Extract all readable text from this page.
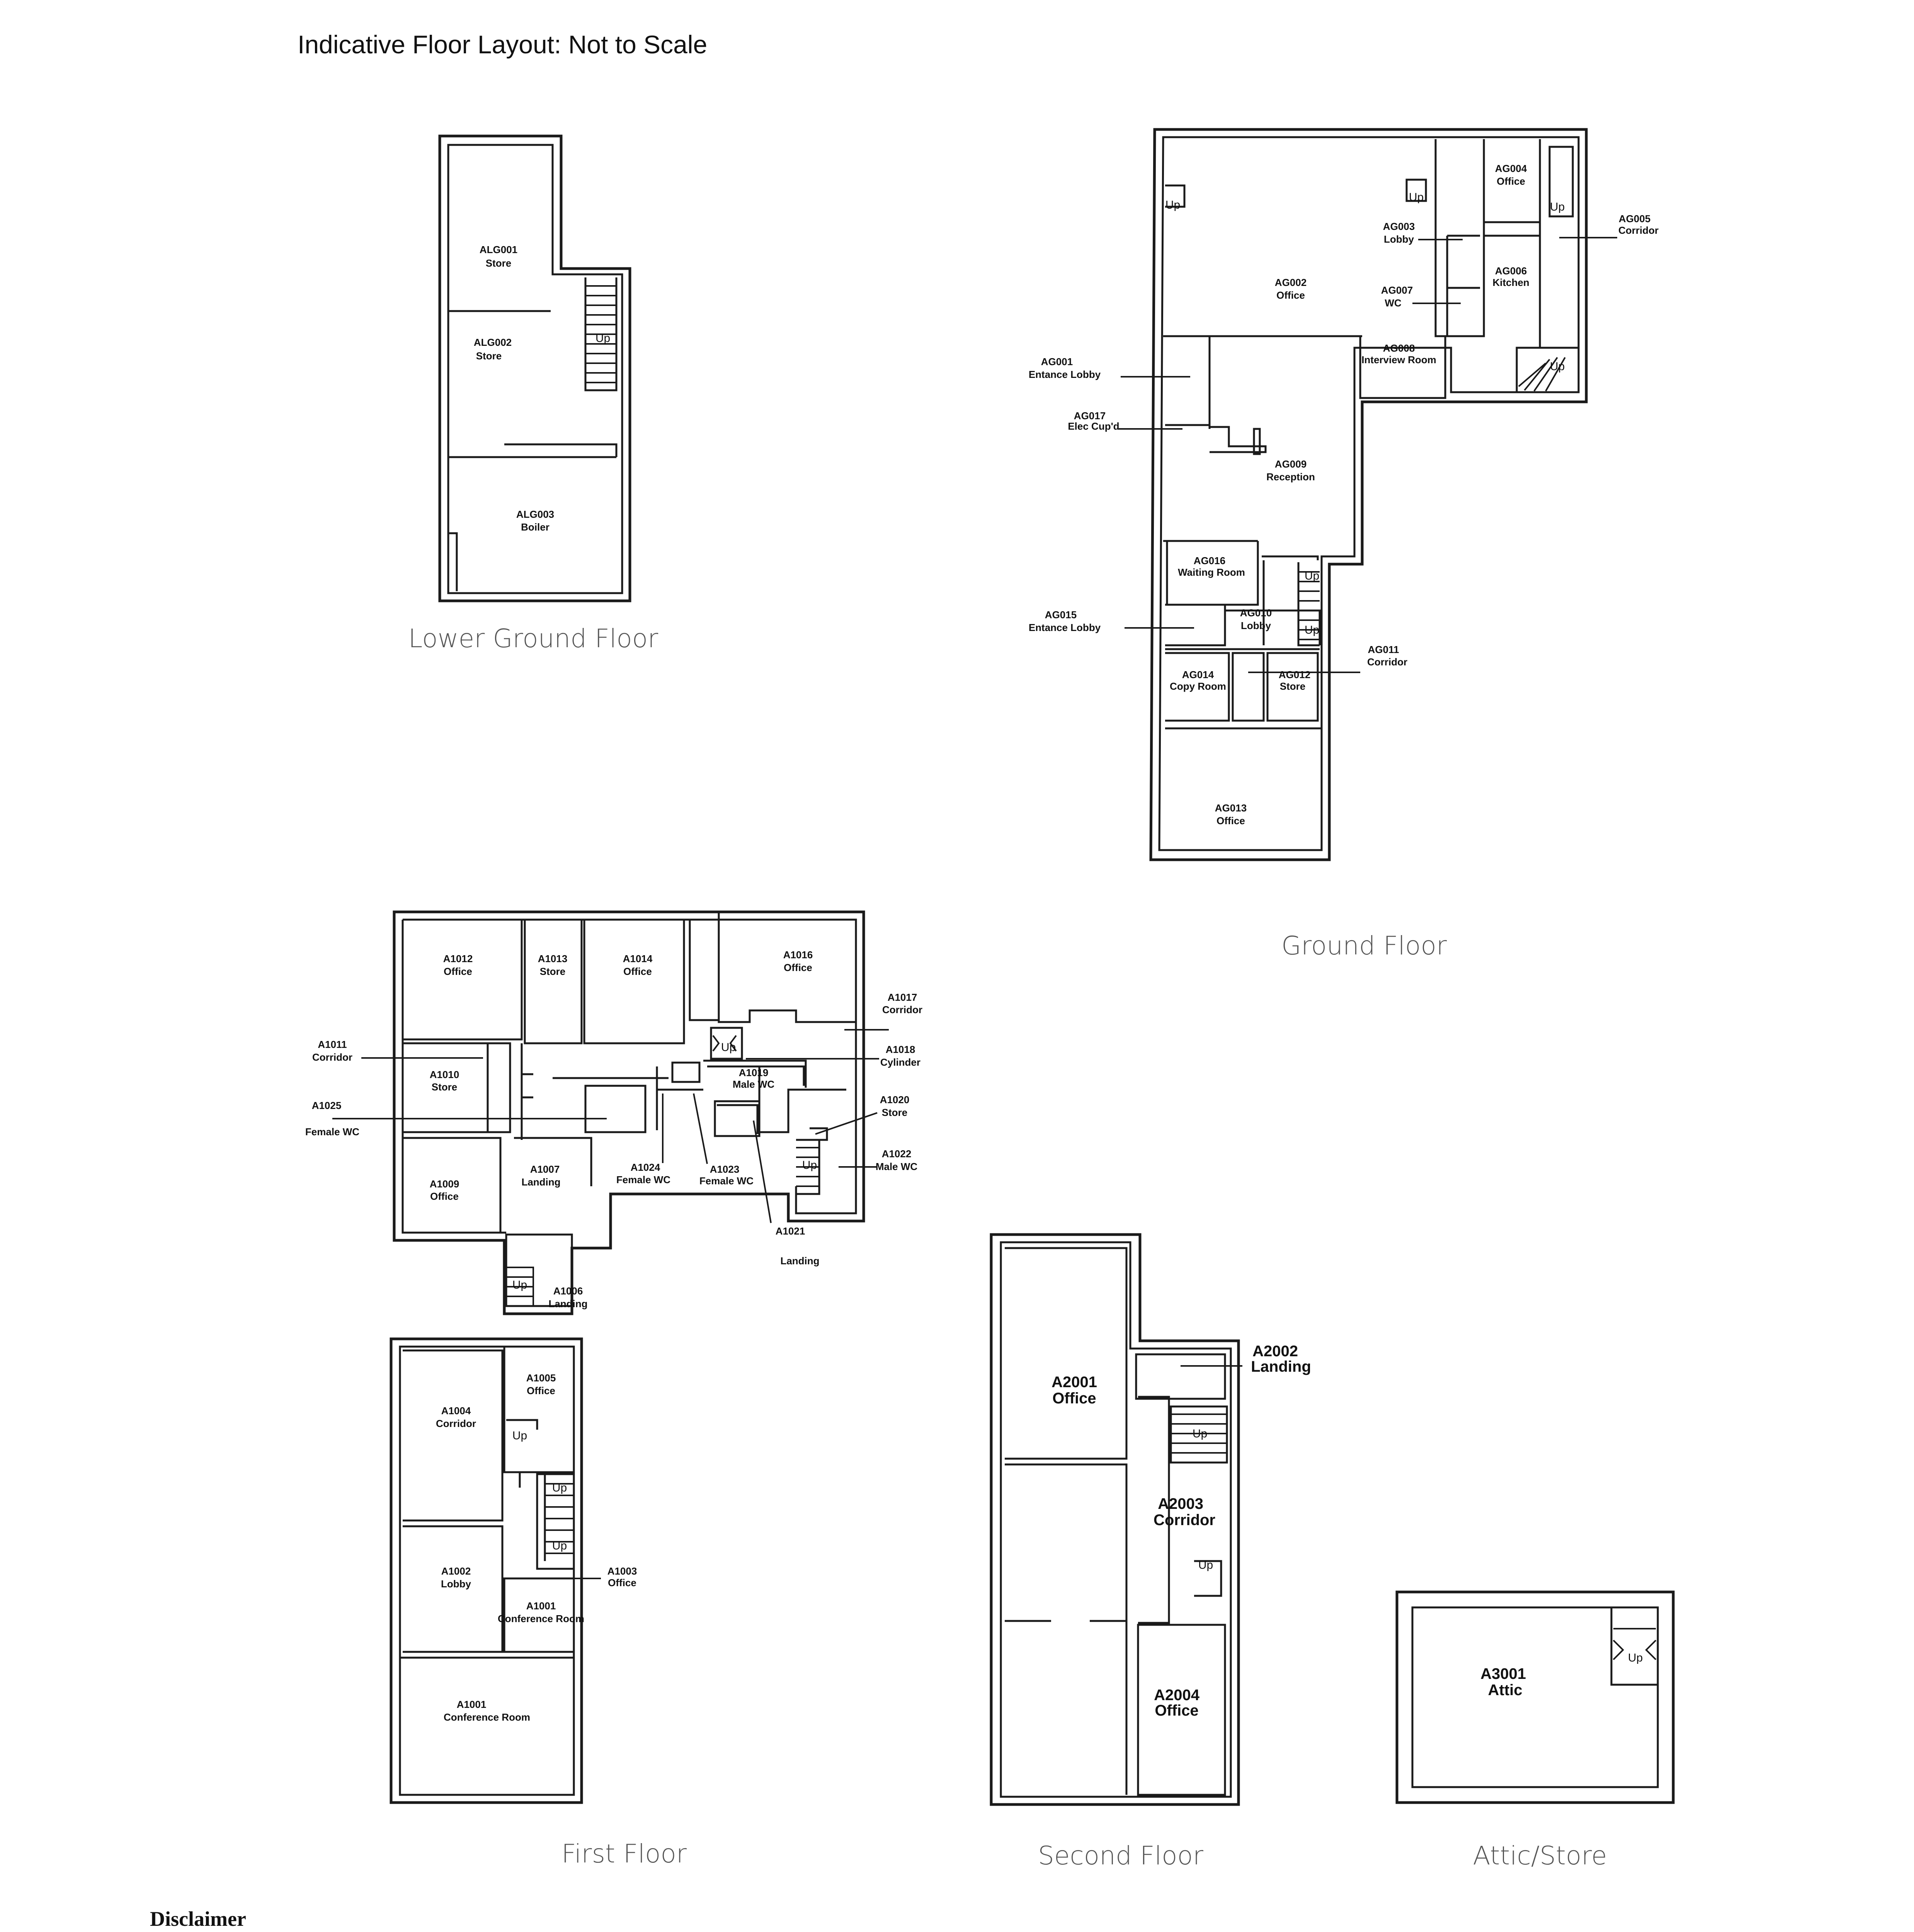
Indicative Floor Layout: Not to Scale
Up
ALG001
Store
ALG002
Store
ALG003
Boiler
Lower Ground Floor
Up
Up
Up
Up
Up
Up
AG004
Office
AG005
Corridor
AG003
Lobby
AG006
Kitchen
AG002
Office	AG007
WC
AG008
Interview Room
AG001
Entance Lobby
AG017
Elec Cup'd
AG009
Reception
AG016
Waiting Room
AG015
Entance Lobby
AG010
Lobby
AG011
Corridor
AG014
Copy Room
AG012
Store
AG013
Office
Ground Floor
Up
Up
Up
A1012
Office
A1013
Store
A1014
Office
A1016
Office
A1017
Corridor
A1011
Corridor
A1018
Cylinder
A1010
Store
A1019
Male WC
A1020
Store
A1025
Female WC
A1022
Male WC
A1007
Landing
A1024
Female WC
A1023
Female WC
A1009
Office
A1021
Landing
A1006
Landing
Up
Up
Up
A1005
Office
A1004
Corridor
A1003
Office
A1002
Lobby
A1001
Conference Room
A1001
Conference Room
First Floor
Up
Up
A2002
Landing
A2001
Office
A2003
Corridor
A2004
Office
Second Floor
Up
A3001
Attic
Attic/Store
Disclaimer
